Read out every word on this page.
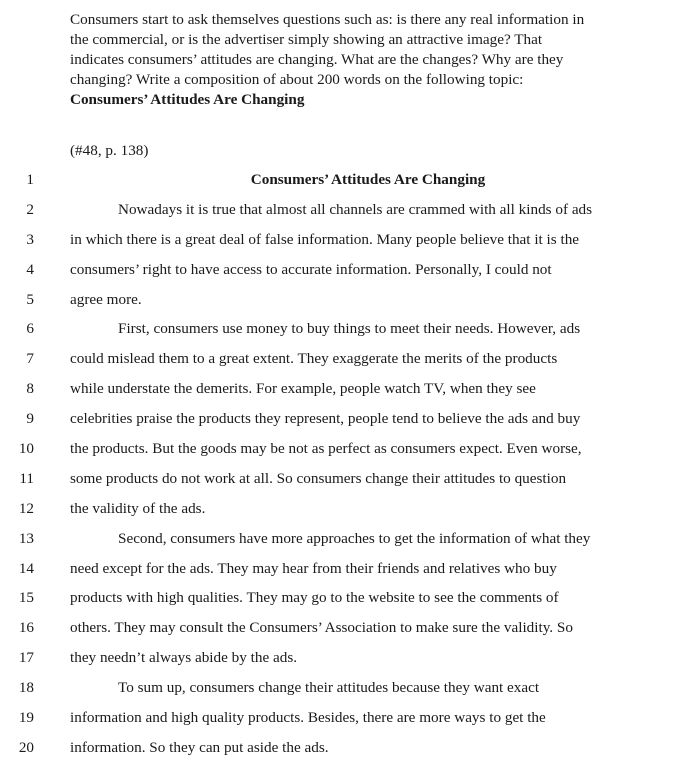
Consumers start to ask themselves questions such as: is there any real information in
the commercial, or is the advertiser simply showing an attractive image? That
indicates consumers’ attitudes are changing. What are the changes? Why are they
changing? Write a composition of about 200 words on the following topic:
Consumers’ Attitudes Are Changing
(#48, p. 138)
1	Consumers’ Attitudes Are Changing
2	Nowadays it is true that almost all channels are crammed with all kinds of ads
3 in which there is a great deal of false information. Many people believe that it is the
4 consumers’ right to have access to accurate information. Personally, I could not
5 agree more.
6	First, consumers use money to buy things to meet their needs. However, ads
7 could mislead them to a great extent. They exaggerate the merits of the products
8 while understate the demerits. For example, people watch TV, when they see
9 celebrities praise the products they represent, people tend to believe the ads and buy
10 the products. But the goods may be not as perfect as consumers expect. Even worse,
11 some products do not work at all. So consumers change their attitudes to question
12 the validity of the ads.
13	Second, consumers have more approaches to get the information of what they
14 need except for the ads. They may hear from their friends and relatives who buy
15 products with high qualities. They may go to the website to see the comments of
16 others. They may consult the Consumers’ Association to make sure the validity. So
17 they needn’t always abide by the ads.
18	To sum up, consumers change their attitudes because they want exact
19 information and high quality products. Besides, there are more ways to get the
20 information. So they can put aside the ads.
